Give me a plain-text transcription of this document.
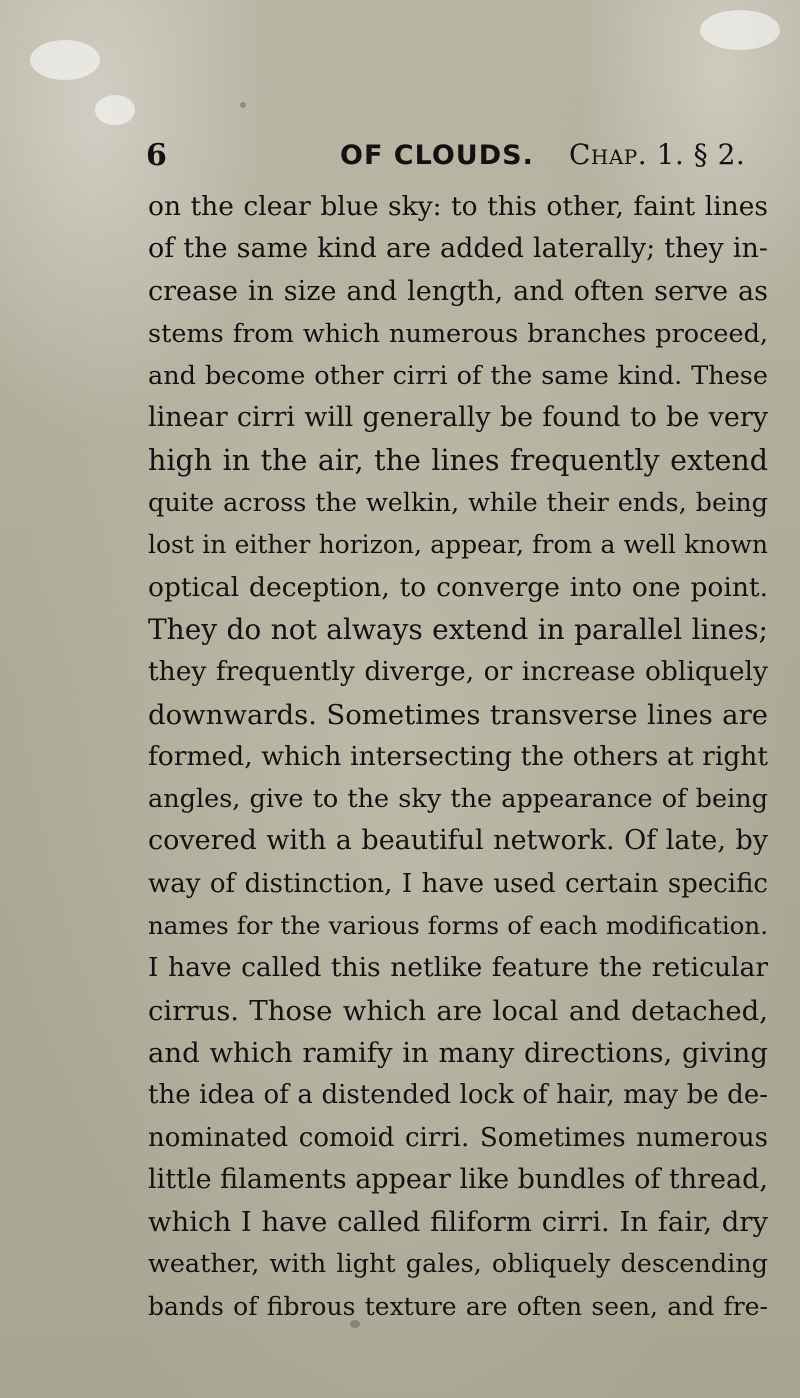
6	OF CLOUDS. Chap. 1. § 2.
on the clear blue sky: to this other, faint lines
of the same kind are added laterally; they in-
crease in size and length, and often serve as
stems from which numerous branches proceed,
and become other cirri of the same kind. These
linear cirri will generally be found to be very
high in the air, the lines frequently extend
quite across the welkin, while their ends, being
lost in either horizon, appear, from a well known
optical deception, to converge into one point.
They do not always extend in parallel lines;
they frequently diverge, or increase obliquely
downwards. Sometimes transverse lines are
formed, which intersecting the others at right
angles, give to the sky the appearance of being
covered with a beautiful network. Of late, by
way of distinction, I have used certain specific
names for the various forms of each modification.
I have called this netlike feature the reticular
cirrus. Those which are local and detached,
and which ramify in many directions, giving
the idea of a distended lock of hair, may be de-
nominated comoid cirri. Sometimes numerous
little filaments appear like bundles of thread,
which I have called filiform cirri. In fair, dry
weather, with light gales, obliquely descending
bands of fibrous texture are often seen, and fre-
